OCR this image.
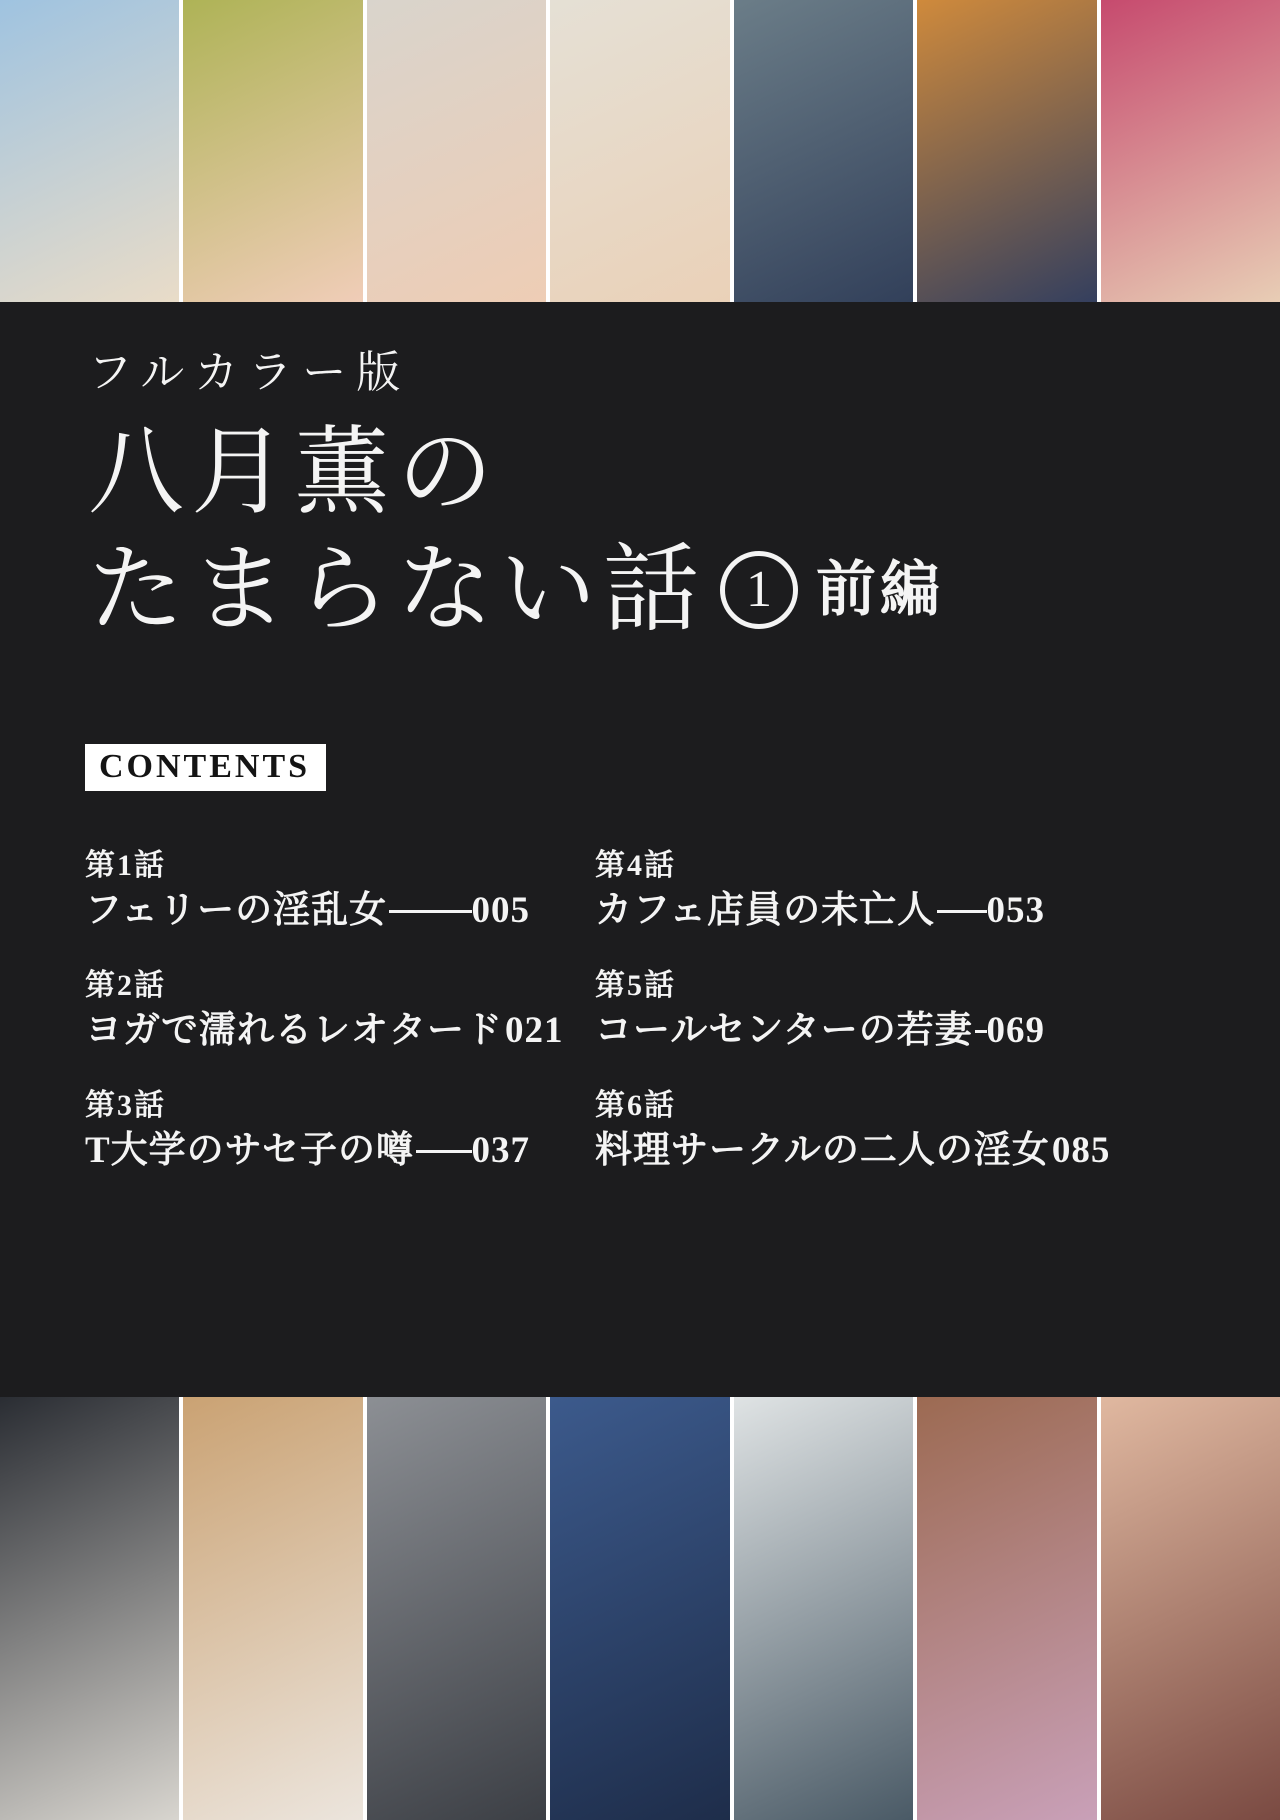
フルカラー版
八月薫の
たまらない話 1 前編
CONTENTS
第1話
フェリーの淫乱女 005
第2話
ヨガで濡れるレオタード 021
第3話
T大学のサセ子の噂 037
第4話
カフェ店員の未亡人 053
第5話
コールセンターの若妻 069
第6話
料理サークルの二人の淫女 085
